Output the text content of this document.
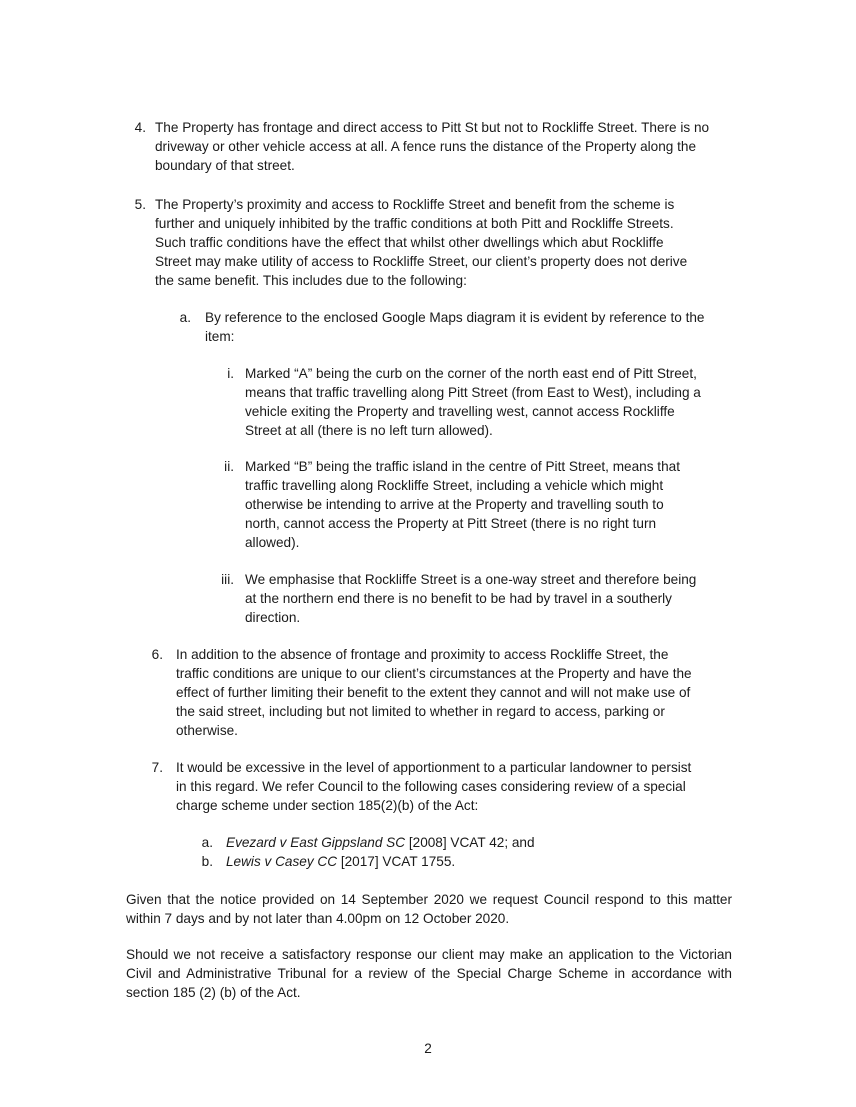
4. The Property has frontage and direct access to Pitt St but not to Rockliffe Street. There is no
driveway or other vehicle access at all. A fence runs the distance of the Property along the
boundary of that street.
5. The Property’s proximity and access to Rockliffe Street and benefit from the scheme is
further and uniquely inhibited by the traffic conditions at both Pitt and Rockliffe Streets.
Such traffic conditions have the effect that whilst other dwellings which abut Rockliffe
Street may make utility of access to Rockliffe Street, our client’s property does not derive
the same benefit. This includes due to the following:
a. By reference to the enclosed Google Maps diagram it is evident by reference to the
item:
i. Marked “A” being the curb on the corner of the north east end of Pitt Street,
means that traffic travelling along Pitt Street (from East to West), including a
vehicle exiting the Property and travelling west, cannot access Rockliffe
Street at all (there is no left turn allowed).
ii. Marked “B” being the traffic island in the centre of Pitt Street, means that
traffic travelling along Rockliffe Street, including a vehicle which might
otherwise be intending to arrive at the Property and travelling south to
north, cannot access the Property at Pitt Street (there is no right turn
allowed).
iii. We emphasise that Rockliffe Street is a one-way street and therefore being
at the northern end there is no benefit to be had by travel in a southerly
direction.
6. In addition to the absence of frontage and proximity to access Rockliffe Street, the
traffic conditions are unique to our client’s circumstances at the Property and have the
effect of further limiting their benefit to the extent they cannot and will not make use of
the said street, including but not limited to whether in regard to access, parking or
otherwise.
7. It would be excessive in the level of apportionment to a particular landowner to persist
in this regard. We refer Council to the following cases considering review of a special
charge scheme under section 185(2)(b) of the Act:
a. Evezard v East Gippsland SC [2008] VCAT 42; and
b. Lewis v Casey CC [2017] VCAT 1755.

Given that the notice provided on 14 September 2020 we request Council respond to this matter within 7 days and by not later than 4.00pm on 12 October 2020.

Should we not receive a satisfactory response our client may make an application to the Victorian Civil and Administrative Tribunal for a review of the Special Charge Scheme in accordance with section 185 (2) (b) of the Act.

2
